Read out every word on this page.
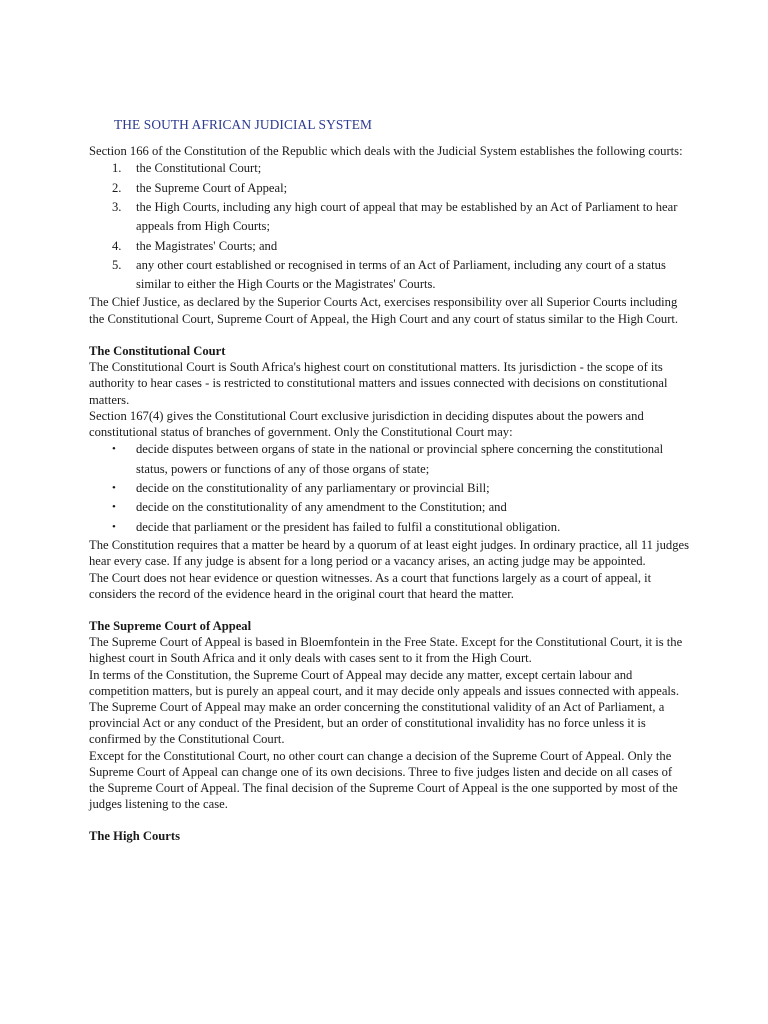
THE SOUTH AFRICAN JUDICIAL SYSTEM

Section 166 of the Constitution of the Republic which deals with the Judicial System establishes the following courts:

1. the Constitutional Court;
2. the Supreme Court of Appeal;
3. the High Courts, including any high court of appeal that may be established by an Act of Parliament to hear appeals from High Courts;
4. the Magistrates' Courts; and
5. any other court established or recognised in terms of an Act of Parliament, including any court of a status similar to either the High Courts or the Magistrates' Courts.

The Chief Justice, as declared by the Superior Courts Act, exercises responsibility over all Superior Courts including the Constitutional Court, Supreme Court of Appeal, the High Court and any court of status similar to the High Court.

The Constitutional Court

The Constitutional Court is South Africa's highest court on constitutional matters. Its jurisdiction - the scope of its authority to hear cases - is restricted to constitutional matters and issues connected with decisions on constitutional matters.

Section 167(4) gives the Constitutional Court exclusive jurisdiction in deciding disputes about the powers and constitutional status of branches of government. Only the Constitutional Court may:

• decide disputes between organs of state in the national or provincial sphere concerning the constitutional status, powers or functions of any of those organs of state;
• decide on the constitutionality of any parliamentary or provincial Bill;
• decide on the constitutionality of any amendment to the Constitution; and
• decide that parliament or the president has failed to fulfil a constitutional obligation.

The Constitution requires that a matter be heard by a quorum of at least eight judges. In ordinary practice, all 11 judges hear every case. If any judge is absent for a long period or a vacancy arises, an acting judge may be appointed.

The Court does not hear evidence or question witnesses. As a court that functions largely as a court of appeal, it considers the record of the evidence heard in the original court that heard the matter.

The Supreme Court of Appeal

The Supreme Court of Appeal is based in Bloemfontein in the Free State. Except for the Constitutional Court, it is the highest court in South Africa and it only deals with cases sent to it from the High Court.

In terms of the Constitution, the Supreme Court of Appeal may decide any matter, except certain labour and competition matters, but is purely an appeal court, and it may decide only appeals and issues connected with appeals.

The Supreme Court of Appeal may make an order concerning the constitutional validity of an Act of Parliament, a provincial Act or any conduct of the President, but an order of constitutional invalidity has no force unless it is confirmed by the Constitutional Court.

Except for the Constitutional Court, no other court can change a decision of the Supreme Court of Appeal. Only the Supreme Court of Appeal can change one of its own decisions. Three to five judges listen and decide on all cases of the Supreme Court of Appeal. The final decision of the Supreme Court of Appeal is the one supported by most of the judges listening to the case.

The High Courts
